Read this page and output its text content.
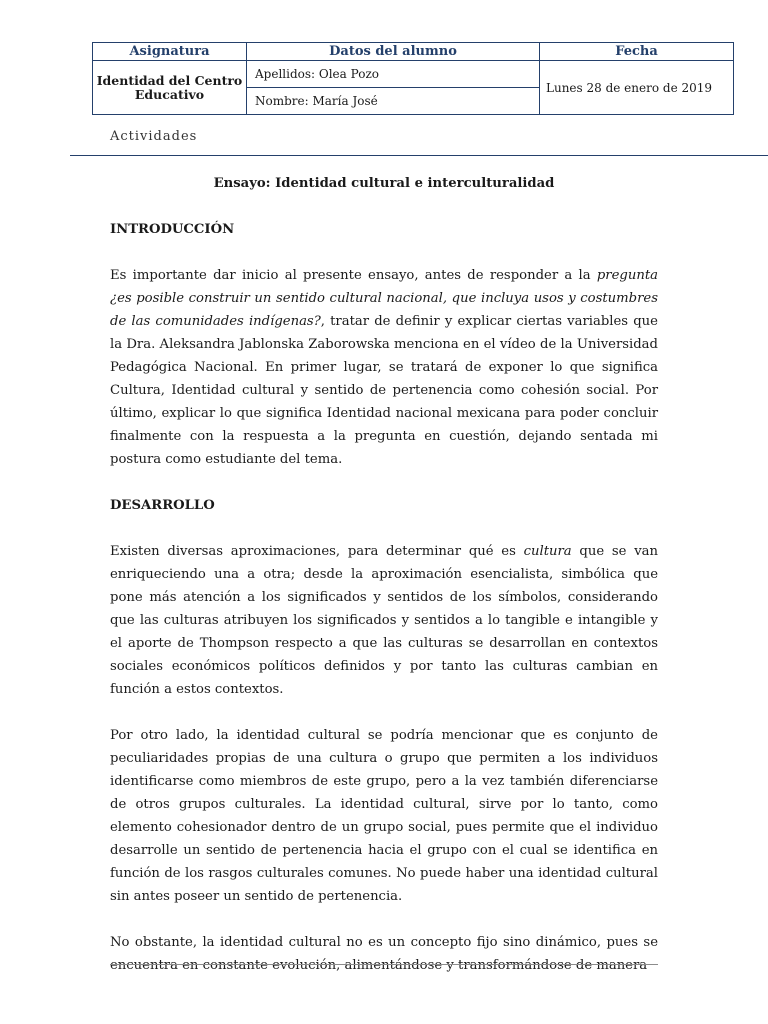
Asignatura	Datos del alumno	Fecha
Identidad del Centro Educativo	Apellidos: Olea Pozo	Lunes 28 de enero de 2019
	Nombre: María José	
Actividades

Ensayo: Identidad cultural e interculturalidad

INTRODUCCIÓN

Es importante dar inicio al presente ensayo, antes de responder a la pregunta ¿es posible construir un sentido cultural nacional, que incluya usos y costumbres de las comunidades indígenas?, tratar de definir y explicar ciertas variables que la Dra. Aleksandra Jablonska Zaborowska menciona en el vídeo de la Universidad Pedagógica Nacional. En primer lugar, se tratará de exponer lo que significa Cultura, Identidad cultural y sentido de pertenencia como cohesión social. Por último, explicar lo que significa Identidad nacional mexicana para poder concluir finalmente con la respuesta a la pregunta en cuestión, dejando sentada mi postura como estudiante del tema.

DESARROLLO

Existen diversas aproximaciones, para determinar qué es cultura que se van enriqueciendo una a otra; desde la aproximación esencialista, simbólica que pone más atención a los significados y sentidos de los símbolos, considerando que las culturas atribuyen los significados y sentidos a lo tangible e intangible y el aporte de Thompson respecto a que las culturas se desarrollan en contextos sociales económicos políticos definidos y por tanto las culturas cambian en función a estos contextos.

Por otro lado, la identidad cultural se podría mencionar que es conjunto de peculiaridades propias de una cultura o grupo que permiten a los individuos identificarse como miembros de este grupo, pero a la vez también diferenciarse de otros grupos culturales. La identidad cultural, sirve por lo tanto, como elemento cohesionador dentro de un grupo social, pues permite que el individuo desarrolle un sentido de pertenencia hacia el grupo con el cual se identifica en función de los rasgos culturales comunes. No puede haber una identidad cultural sin antes poseer un sentido de pertenencia.

No obstante, la identidad cultural no es un concepto fijo sino dinámico, pues se encuentra en constante evolución, alimentándose y transformándose de manera
